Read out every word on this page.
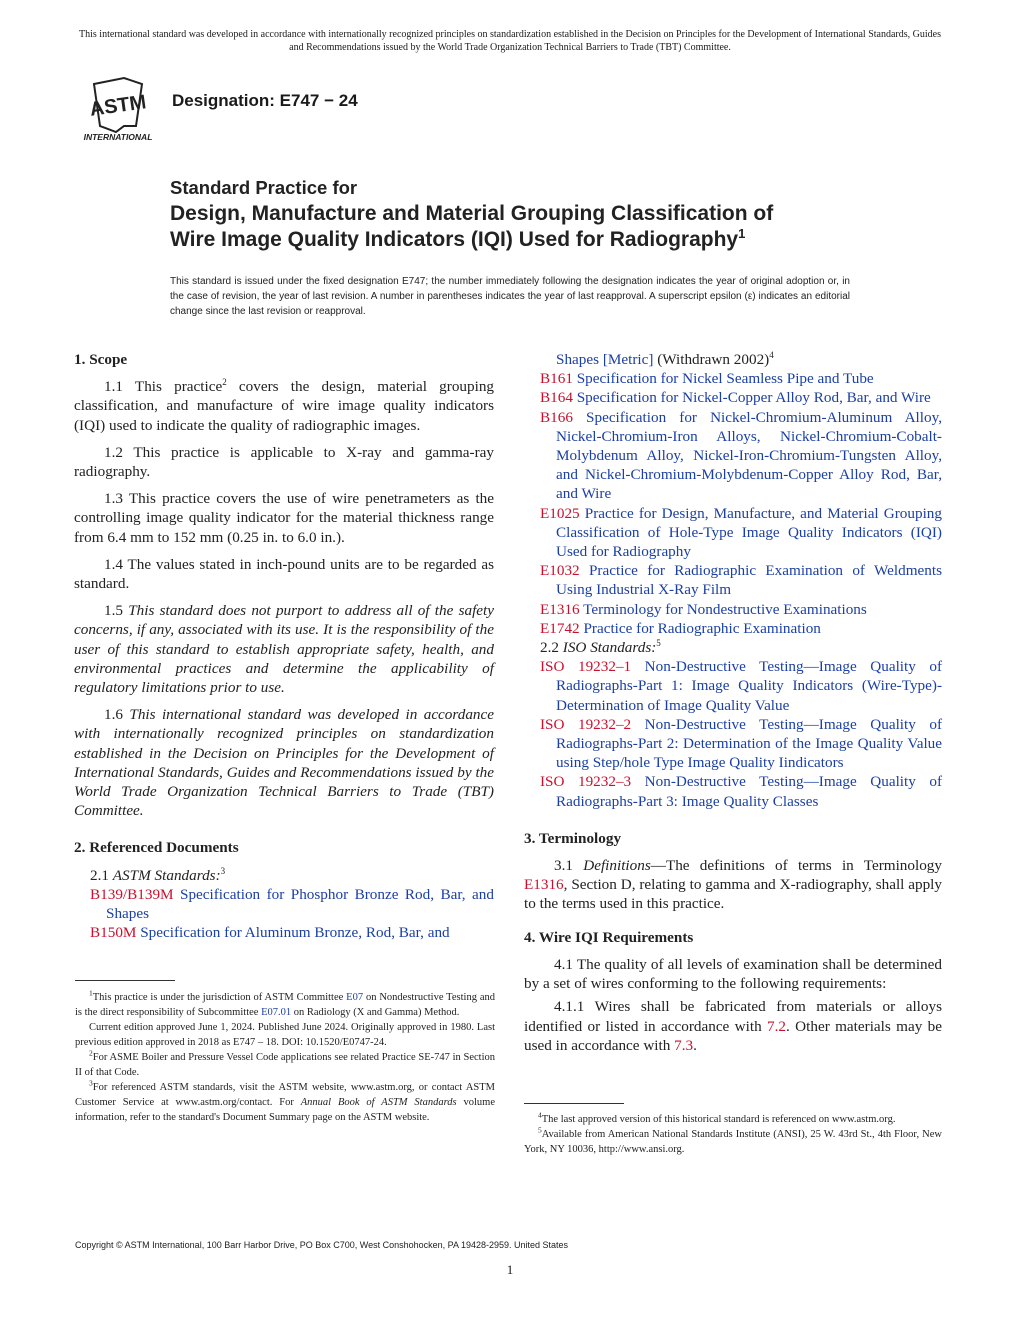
This international standard was developed in accordance with internationally recognized principles on standardization established in the Decision on Principles for the Development of International Standards, Guides and Recommendations issued by the World Trade Organization Technical Barriers to Trade (TBT) Committee.
ASTM
INTERNATIONAL
Designation: E747 − 24
Standard Practice for
Design, Manufacture and Material Grouping Classification of
Wire Image Quality Indicators (IQI) Used for Radiography$^1$
This standard is issued under the fixed designation E747; the number immediately following the designation indicates the year of original adoption or, in the case of revision, the year of last revision. A number in parentheses indicates the year of last reapproval. A superscript epsilon (ε) indicates an editorial change since the last revision or reapproval.

1. Scope

1.1 This practice$^2$ covers the design, material grouping classification, and manufacture of wire image quality indicators (IQI) used to indicate the quality of radiographic images.

1.2 This practice is applicable to X-ray and gamma-ray radiography.

1.3 This practice covers the use of wire penetrameters as the controlling image quality indicator for the material thickness range from 6.4 mm to 152 mm (0.25 in. to 6.0 in.).

1.4 The values stated in inch-pound units are to be regarded as standard.

1.5 This standard does not purport to address all of the safety concerns, if any, associated with its use. It is the responsibility of the user of this standard to establish appropriate safety, health, and environmental practices and determine the applicability of regulatory limitations prior to use.

1.6 This international standard was developed in accordance with internationally recognized principles on standardization established in the Decision on Principles for the Development of International Standards, Guides and Recommendations issued by the World Trade Organization Technical Barriers to Trade (TBT) Committee.

2. Referenced Documents

2.1 ASTM Standards:$^3$

B139/B139M Specification for Phosphor Bronze Rod, Bar, and Shapes

B150M Specification for Aluminum Bronze, Rod, Bar, and

$^1$This practice is under the jurisdiction of ASTM Committee E07 on Nondestructive Testing and is the direct responsibility of Subcommittee E07.01 on Radiology (X and Gamma) Method.

Current edition approved June 1, 2024. Published June 2024. Originally approved in 1980. Last previous edition approved in 2018 as E747 – 18. DOI: 10.1520/E0747-24.

$^2$For ASME Boiler and Pressure Vessel Code applications see related Practice SE-747 in Section II of that Code.

$^3$For referenced ASTM standards, visit the ASTM website, www.astm.org, or contact ASTM Customer Service at www.astm.org/contact. For Annual Book of ASTM Standards volume information, refer to the standard's Document Summary page on the ASTM website.

Shapes [Metric] (Withdrawn 2002)$^4$

B161 Specification for Nickel Seamless Pipe and Tube

B164 Specification for Nickel-Copper Alloy Rod, Bar, and Wire

B166 Specification for Nickel-Chromium-Aluminum Alloy, Nickel-Chromium-Iron Alloys, Nickel-Chromium-Cobalt-Molybdenum Alloy, Nickel-Iron-Chromium-Tungsten Alloy, and Nickel-Chromium-Molybdenum-Copper Alloy Rod, Bar, and Wire

E1025 Practice for Design, Manufacture, and Material Grouping Classification of Hole-Type Image Quality Indicators (IQI) Used for Radiography

E1032 Practice for Radiographic Examination of Weldments Using Industrial X-Ray Film

E1316 Terminology for Nondestructive Examinations

E1742 Practice for Radiographic Examination

2.2 ISO Standards:$^5$

ISO 19232–1 Non-Destructive Testing—Image Quality of Radiographs-Part 1: Image Quality Indicators (Wire-Type)-Determination of Image Quality Value

ISO 19232–2 Non-Destructive Testing—Image Quality of Radiographs-Part 2: Determination of the Image Quality Value using Step/hole Type Image Quality Iindicators

ISO 19232–3 Non-Destructive Testing—Image Quality of Radiographs-Part 3: Image Quality Classes

3. Terminology

3.1 Definitions—The definitions of terms in Terminology E1316, Section D, relating to gamma and X-radiography, shall apply to the terms used in this practice.

4. Wire IQI Requirements

4.1 The quality of all levels of examination shall be determined by a set of wires conforming to the following requirements:

4.1.1 Wires shall be fabricated from materials or alloys identified or listed in accordance with 7.2. Other materials may be used in accordance with 7.3.

$^4$The last approved version of this historical standard is referenced on www.astm.org.

$^5$Available from American National Standards Institute (ANSI), 25 W. 43rd St., 4th Floor, New York, NY 10036, http://www.ansi.org.

Copyright © ASTM International, 100 Barr Harbor Drive, PO Box C700, West Conshohocken, PA 19428-2959. United States
1
